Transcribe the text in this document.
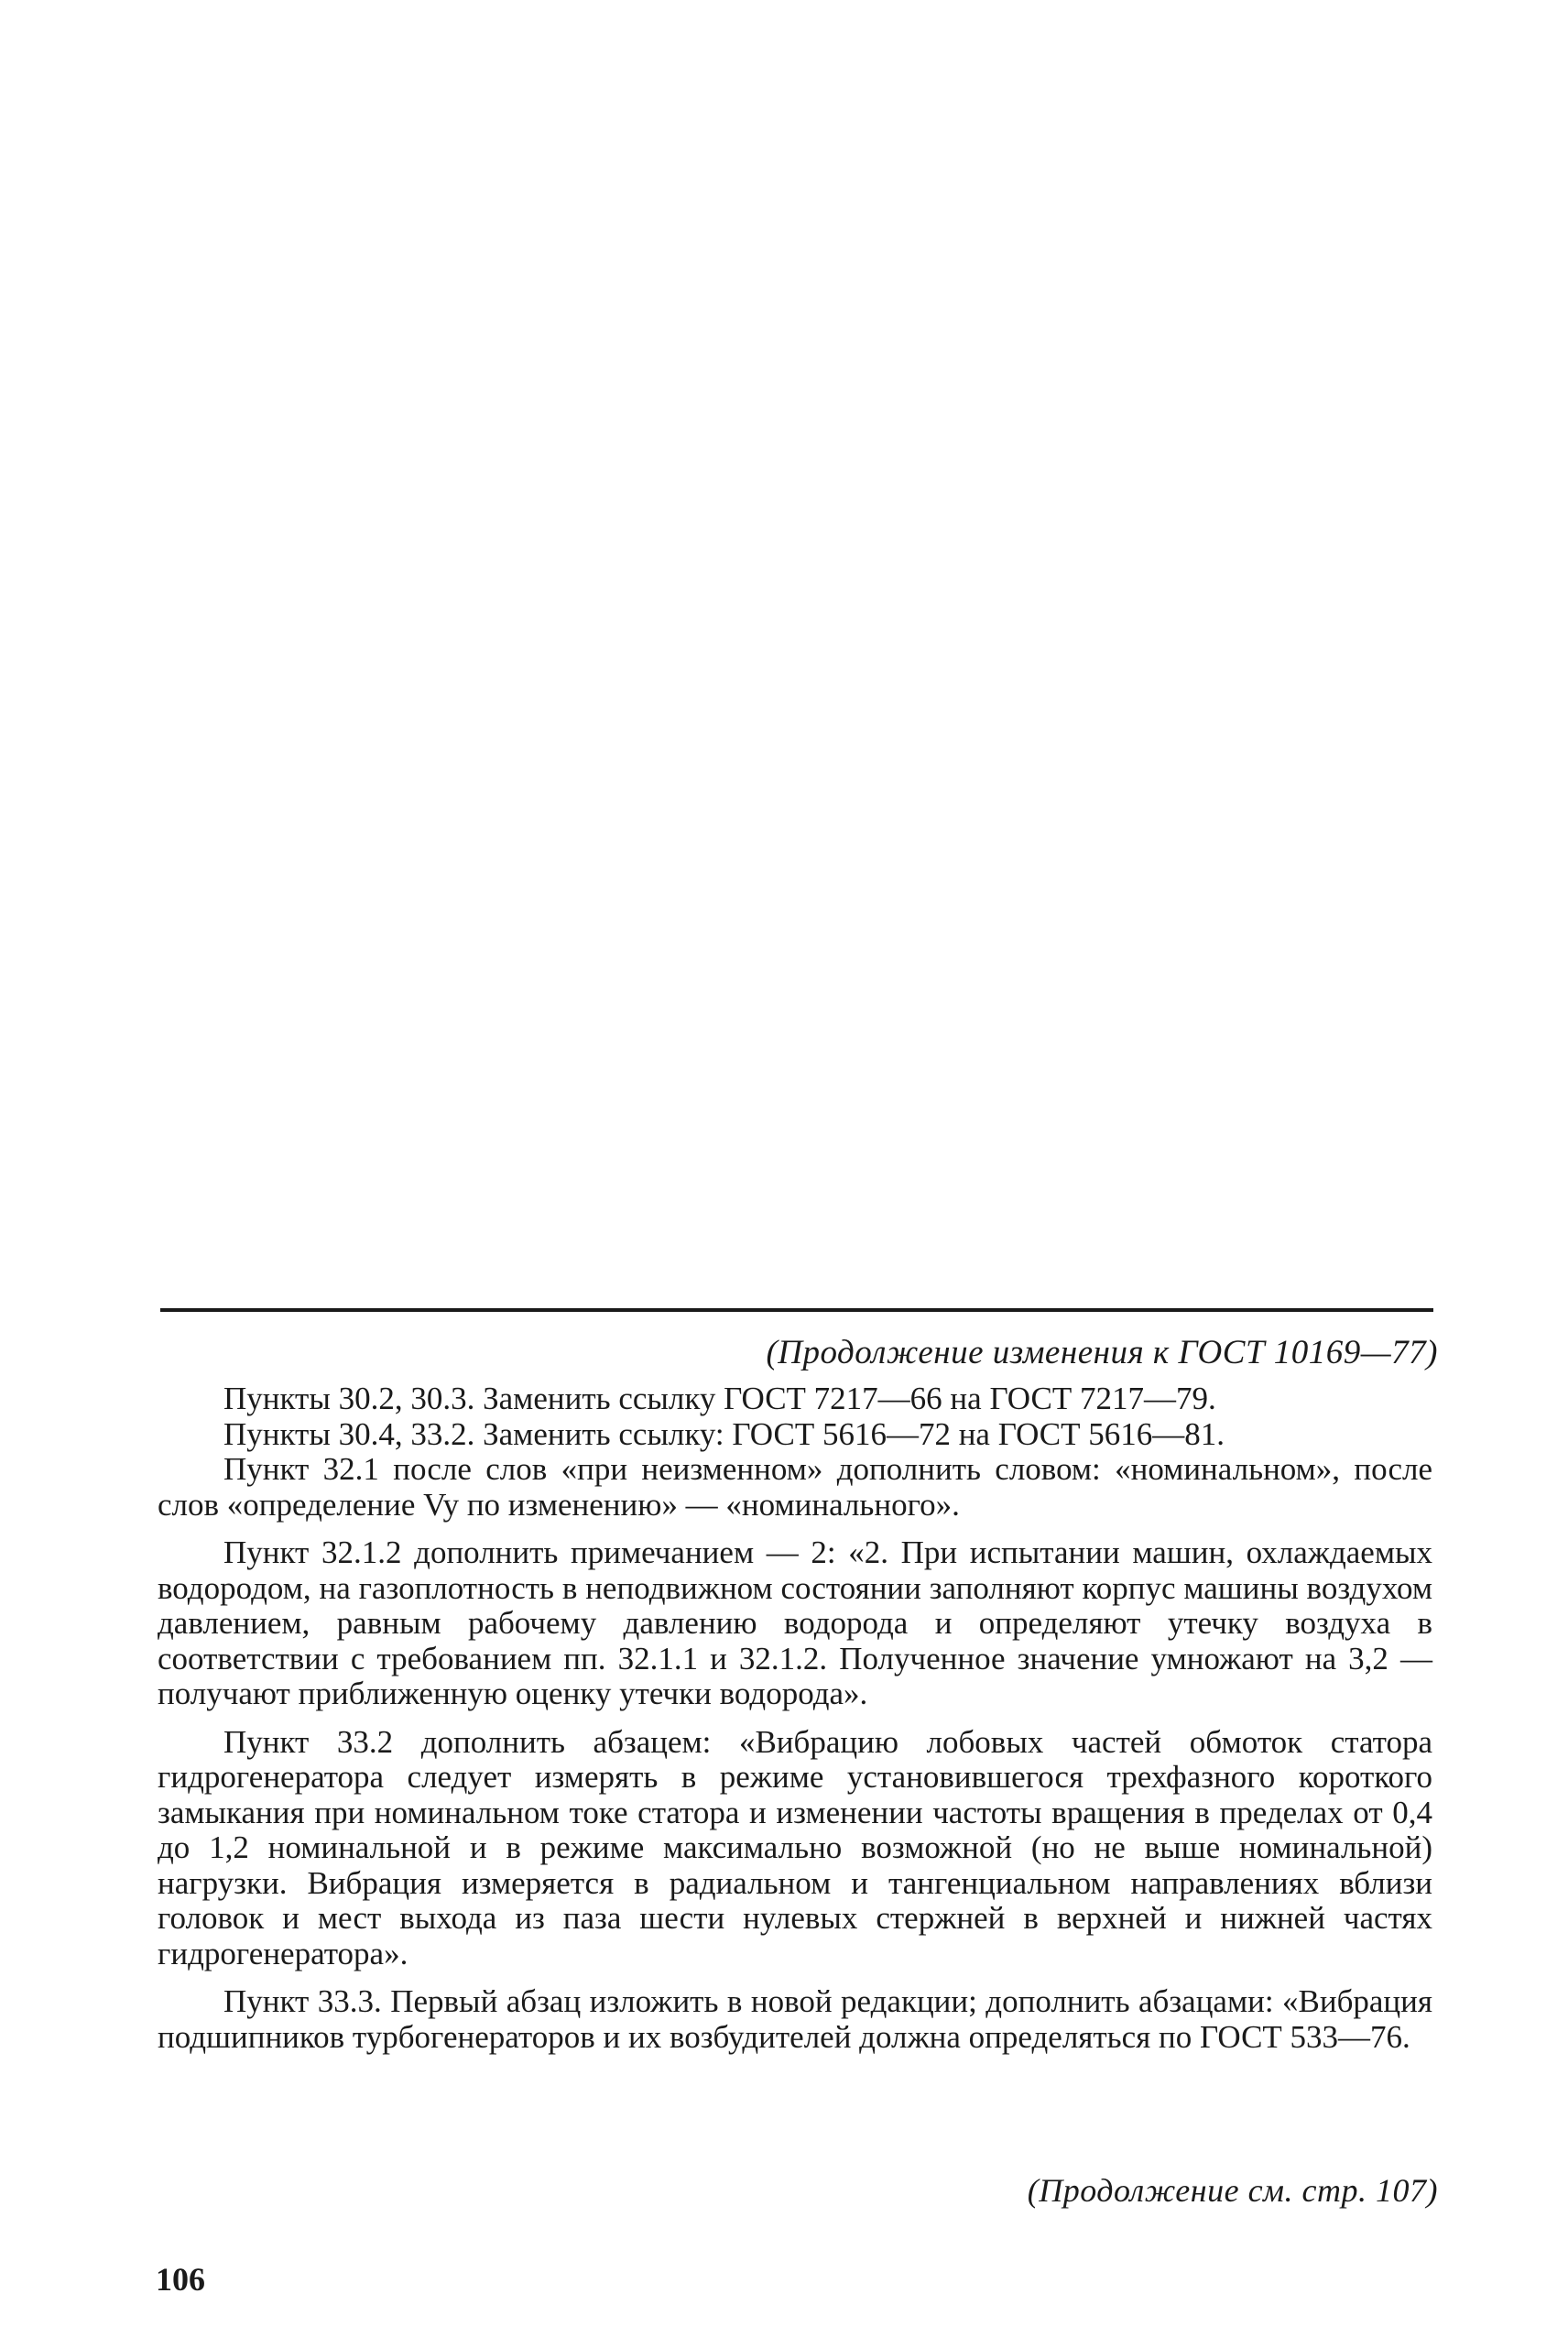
(Продолжение изменения к ГОСТ 10169—77)

Пункты 30.2, 30.3. Заменить ссылку ГОСТ 7217—66 на ГОСТ 7217—79.

Пункты 30.4, 33.2. Заменить ссылку: ГОСТ 5616—72 на ГОСТ 5616—81.

Пункт 32.1 после слов «при неизменном» дополнить словом: «номинальном», после слов «определение Vy по изменению» — «номинального».

Пункт 32.1.2 дополнить примечанием — 2: «2. При испытании машин, охлаждаемых водородом, на газоплотность в неподвижном состоянии заполняют корпус машины воздухом давлением, равным рабочему давлению водорода и определяют утечку воздуха в соответствии с требованием пп. 32.1.1 и 32.1.2. Полученное значение умножают на 3,2 — получают приближенную оценку утечки водорода».

Пункт 33.2 дополнить абзацем: «Вибрацию лобовых частей обмоток статора гидрогенератора следует измерять в режиме установившегося трехфазного короткого замыкания при номинальном токе статора и изменении частоты вращения в пределах от 0,4 до 1,2 номинальной и в режиме максимально возможной (но не выше номинальной) нагрузки. Вибрация измеряется в радиальном и тангенциальном направлениях вблизи головок и мест выхода из паза шести нулевых стержней в верхней и нижней частях гидрогенератора».

Пункт 33.3. Первый абзац изложить в новой редакции; дополнить абзацами: «Вибрация подшипников турбогенераторов и их возбудителей должна определяться по ГОСТ 533—76.

(Продолжение см. стр. 107)
106
